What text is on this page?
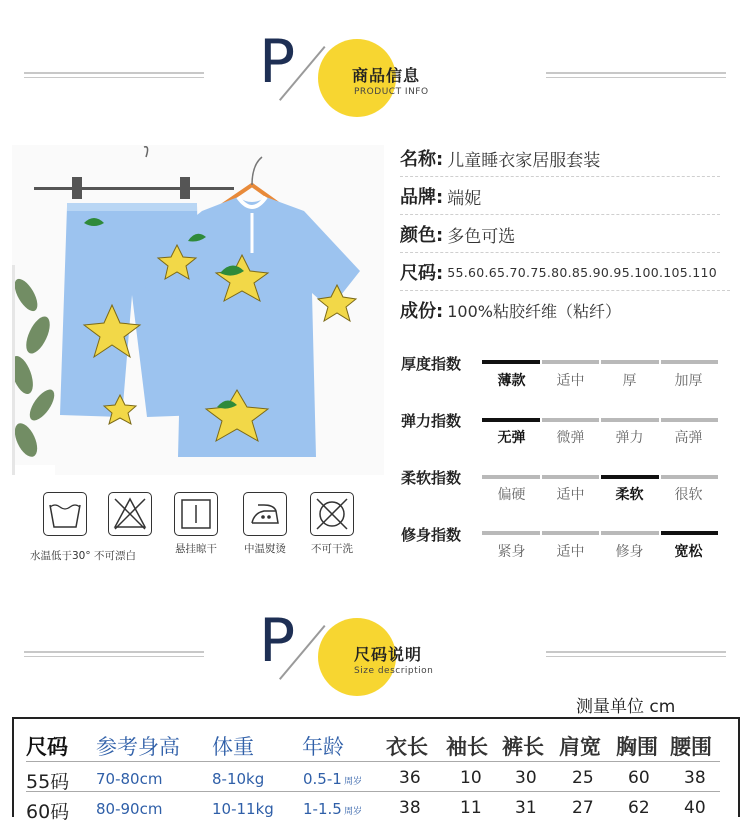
P	商品信息
PRODUCT INFO
名称: 儿童睡衣家居服套装
品牌: 端妮
颜色: 多色可选
尺码: 55.60.65.70.75.80.85.90.95.100.105.110
成份: 100%粘胶纤维（粘纤）
厚度指数
薄款	适中	厚	加厚
弹力指数
无弹	微弹	弹力	高弹
柔软指数
偏硬	适中	柔软	很软
修身指数
紧身	适中	修身	宽松
水温低于30° 不可漂白
悬挂晾干	中温熨烫	不可干洗
P	尺码说明
Size description
测量单位 cm
尺码 参考身高 体重 年龄 衣长 袖长 裤长 肩宽 胸围 腰围
55码 70-80cm	8-10kg	0.5-1 周岁 36 10 30 25 60 38
60码 80-90cm	10-11kg 1-1.5 周岁 38 11 31 27 62 40
